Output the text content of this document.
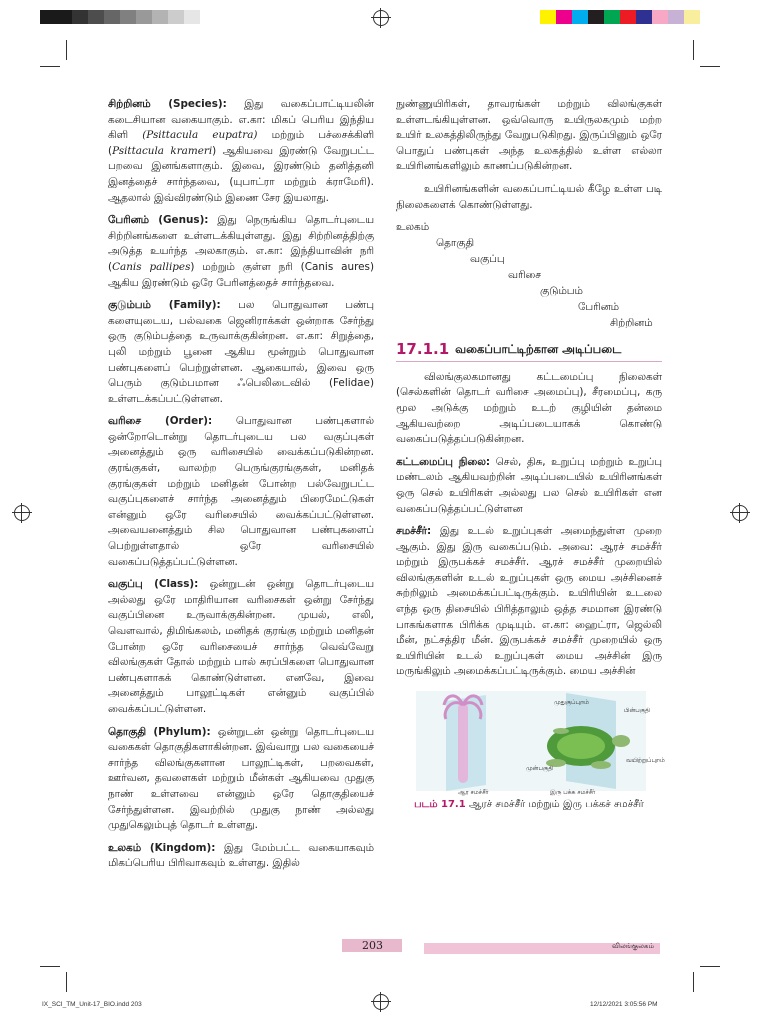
சிற்றினம் (Species): இது வகைப்பாட்டியலின் கடைசியான வகையாகும். எ.கா: மிகப் பெரிய இந்திய கிளி (Psittacula eupatra) மற்றும் பச்சைக்கிளி (Psittacula krameri) ஆகியவை இரண்டு வேறுபட்ட பறவை இனங்களாகும். இவை, இரண்டும் தனித்தனி இனத்தைச் சார்ந்தவை, (யுபாட்ரா மற்றும் க்ராமேரி). ஆதலால் இவ்விரண்டும் இணை சேர இயலாது.

பேரினம் (Genus): இது நெருங்கிய தொடர்புடைய சிற்றினங்களை உள்ளடக்கியுள்ளது. இது சிற்றினத்திற்கு அடுத்த உயர்ந்த அலகாகும். எ.கா: இந்தியாவின் நரி (Canis pallipes) மற்றும் குள்ள நரி (Canis aures) ஆகிய இரண்டும் ஒரே பேரினத்தைச் சார்ந்தவை.

குடும்பம் (Family): பல பொதுவான பண்பு களையுடைய, பல்வகை ஜெனிராக்கள் ஒன்றாக சேர்ந்து ஒரு குடும்பத்தை உருவாக்குகின்றன. எ.கா: சிறுத்தை, புலி மற்றும் பூனை ஆகிய மூன்றும் பொதுவான பண்புகளைப் பெற்றுள்ளன. ஆகையால், இவை ஒரு பெரும் குடும்பமான ஃபெலிடைவில் (Felidae) உள்ளடக்கப்பட்டுள்ளன.

வரிசை (Order): பொதுவான பண்புகளால் ஒன்றோடொன்று தொடர்புடைய பல வகுப்புகள் அனைத்தும் ஒரு வரிசையில் வைக்கப்படுகின்றன. குரங்குகள், வாலற்ற பெருங்குரங்குகள், மனிதக் குரங்குகள் மற்றும் மனிதன் போன்ற பல்வேறுபட்ட வகுப்புகளைச் சார்ந்த அனைத்தும் பிரைமேட்டுகள் என்னும் ஒரே வரிசையில் வைக்கப்பட்டுள்ளன. அவையனைத்தும் சில பொதுவான பண்புகளைப் பெற்றுள்ளதால் ஒரே வரிசையில் வகைப்படுத்தப்பட்டுள்ளன.

வகுப்பு (Class): ஒன்றுடன் ஒன்று தொடர்புடைய அல்லது ஒரே மாதிரியான வரிசைகள் ஒன்று சேர்ந்து வகுப்பினை உருவாக்குகின்றன. முயல், எலி, வௌவால், திமிங்கலம், மனிதக் குரங்கு மற்றும் மனிதன் போன்ற ஒரே வரிசையைச் சார்ந்த வெவ்வேறு விலங்குகள் தோல் மற்றும் பால் சுரப்பிகளை பொதுவான பண்புகளாகக் கொண்டுள்ளன. எனவே, இவை அனைத்தும் பாலூட்டிகள் என்னும் வகுப்பில் வைக்கப்பட்டுள்ளன.

தொகுதி (Phylum): ஒன்றுடன் ஒன்று தொடர்புடைய வகைகள் தொகுதிகளாகின்றன. இவ்வாறு பல வகையைச் சார்ந்த விலங்குகளான பாலூட்டிகள், பறவைகள், ஊர்வன, தவளைகள் மற்றும் மீன்கள் ஆகியவை முதுகு நாண் உள்ளவை என்னும் ஒரே தொகுதியைச் சேர்ந்துள்ளன. இவற்றில் முதுகு நாண் அல்லது முதுகெலும்புத் தொடர் உள்ளது.

உலகம் (Kingdom): இது மேம்பட்ட வகையாகவும் மிகப்பெரிய பிரிவாகவும் உள்ளது. இதில்

நுண்ணுயிரிகள், தாவரங்கள் மற்றும் விலங்குகள் உள்ளடங்கியுள்ளன. ஒவ்வொரு உயிருலகமும் மற்ற உயிர் உலகத்திலிருந்து வேறுபடுகிறது. இருப்பினும் ஒரே பொதுப் பண்புகள் அந்த உலகத்தில் உள்ள எல்லா உயிரினங்களிலும் காணப்படுகின்றன.

உயிரினங்களின் வகைப்பாட்டியல் கீழே உள்ள படி நிலைகளைக் கொண்டுள்ளது.

உலகம்
தொகுதி
வகுப்பு
வரிசை
குடும்பம்
பேரினம்
சிற்றினம்
17.1.1 வகைப்பாட்டிற்கான அடிப்படை

விலங்குலகமானது கட்டமைப்பு நிலைகள் (செல்களின் தொடர் வரிசை அமைப்பு), சீரமைப்பு, கரு மூல அடுக்கு மற்றும் உடற் குழியின் தன்மை ஆகியவற்றை அடிப்படையாகக் கொண்டு வகைப்படுத்தப்படுகின்றன.

கட்டமைப்பு நிலை: செல், திசு, உறுப்பு மற்றும் உறுப்பு மண்டலம் ஆகியவற்றின் அடிப்படையில் உயிரினங்கள் ஒரு செல் உயிரிகள் அல்லது பல செல் உயிரிகள் என வகைப்படுத்தப்பட்டுள்ளன

சமச்சீர்: இது உடல் உறுப்புகள் அமைந்துள்ள முறை ஆகும். இது இரு வகைப்படும். அவை: ஆரச் சமச்சீர் மற்றும் இருபக்கச் சமச்சீர். ஆரச் சமச்சீர் முறையில் விலங்குகளின் உடல் உறுப்புகள் ஒரு மைய அச்சினைச் சுற்றிலும் அமைக்கப்பட்டிருக்கும். உயிரியின் உடலை எந்த ஒரு திசையில் பிரித்தாலும் ஒத்த சமமான இரண்டு பாகங்களாக பிரிக்க முடியும். எ.கா: ஹைட்ரா, ஜெல்லி மீன், நட்சத்திர மீன். இருபக்கச் சமச்சீர் முறையில் ஒரு உயிரியின் உடல் உறுப்புகள் மைய அச்சின் இரு மருங்கிலும் அமைக்கப்பட்டிருக்கும். மைய அச்சின்

முதுகுப்புறம்
பின்பகுதி
வயிற்றுப்புறம்
முன்பகுதி
ஆர சமச்சீர்	இரு பக்க சமச்சீர்
படம் 17.1 ஆரச் சமச்சீர் மற்றும் இரு பக்கச் சமச்சீர்
203	விலங்குலகம்
IX_SCI_TM_Unit-17_BIO.indd 203	12/12/2021 3:05:56 PM
